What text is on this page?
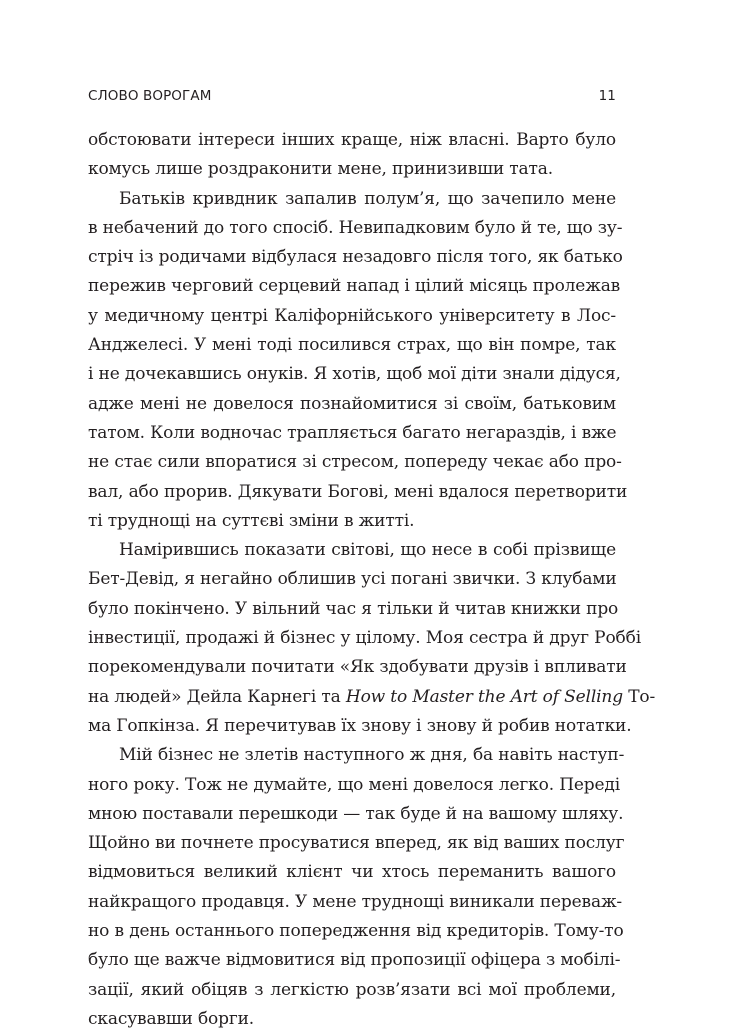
СЛОВО ВОРОГАМ	11
обстоювати інтереси інших краще, ніж власні. Варто було
комусь лише роздраконити мене, принизивши тата.
Батьків кривдник запалив полум’я, що зачепило мене
в небачений до того спосіб. Невипадковим було й те, що зу-
стріч із родичами відбулася незадовго після того, як батько
пережив черговий серцевий напад і цілий місяць пролежав
у медичному центрі Каліфорнійського університету в Лос-
Анджелесі. У мені тоді посилився страх, що він помре, так
і не дочекавшись онуків. Я хотів, щоб мої діти знали дідуся,
адже мені не довелося познайомитися зі своїм, батьковим
татом. Коли водночас трапляється багато негараздів, і вже
не стає сили впоратися зі стресом, попереду чекає або про-
вал, або прорив. Дякувати Богові, мені вдалося перетворити
ті труднощі на суттєві зміни в житті.
Намірившись показати світові, що несе в собі прізвище
Бет-Девід, я негайно облишив усі погані звички. З клубами
було покінчено. У вільний час я тільки й читав книжки про
інвестиції, продажі й бізнес у цілому. Моя сестра й друг Роббі
порекомендували почитати «Як здобувати друзів і впливати
на людей» Дейла Карнегі та How to Master the Art of Selling То-
ма Гопкінза. Я перечитував їх знову і знову й робив нотатки.
Мій бізнес не злетів наступного ж дня, ба навіть наступ-
ного року. Тож не думайте, що мені довелося легко. Переді
мною поставали перешкоди — так буде й на вашому шляху.
Щойно ви почнете просуватися вперед, як від ваших послуг
відмовиться великий клієнт чи хтось переманить вашого
найкращого продавця. У мене труднощі виникали переваж-
но в день останнього попередження від кредиторів. Тому-то
було ще важче відмовитися від пропозиції офіцера з мобілі-
зації, який обіцяв з легкістю розв’язати всі мої проблеми,
скасувавши борги.
